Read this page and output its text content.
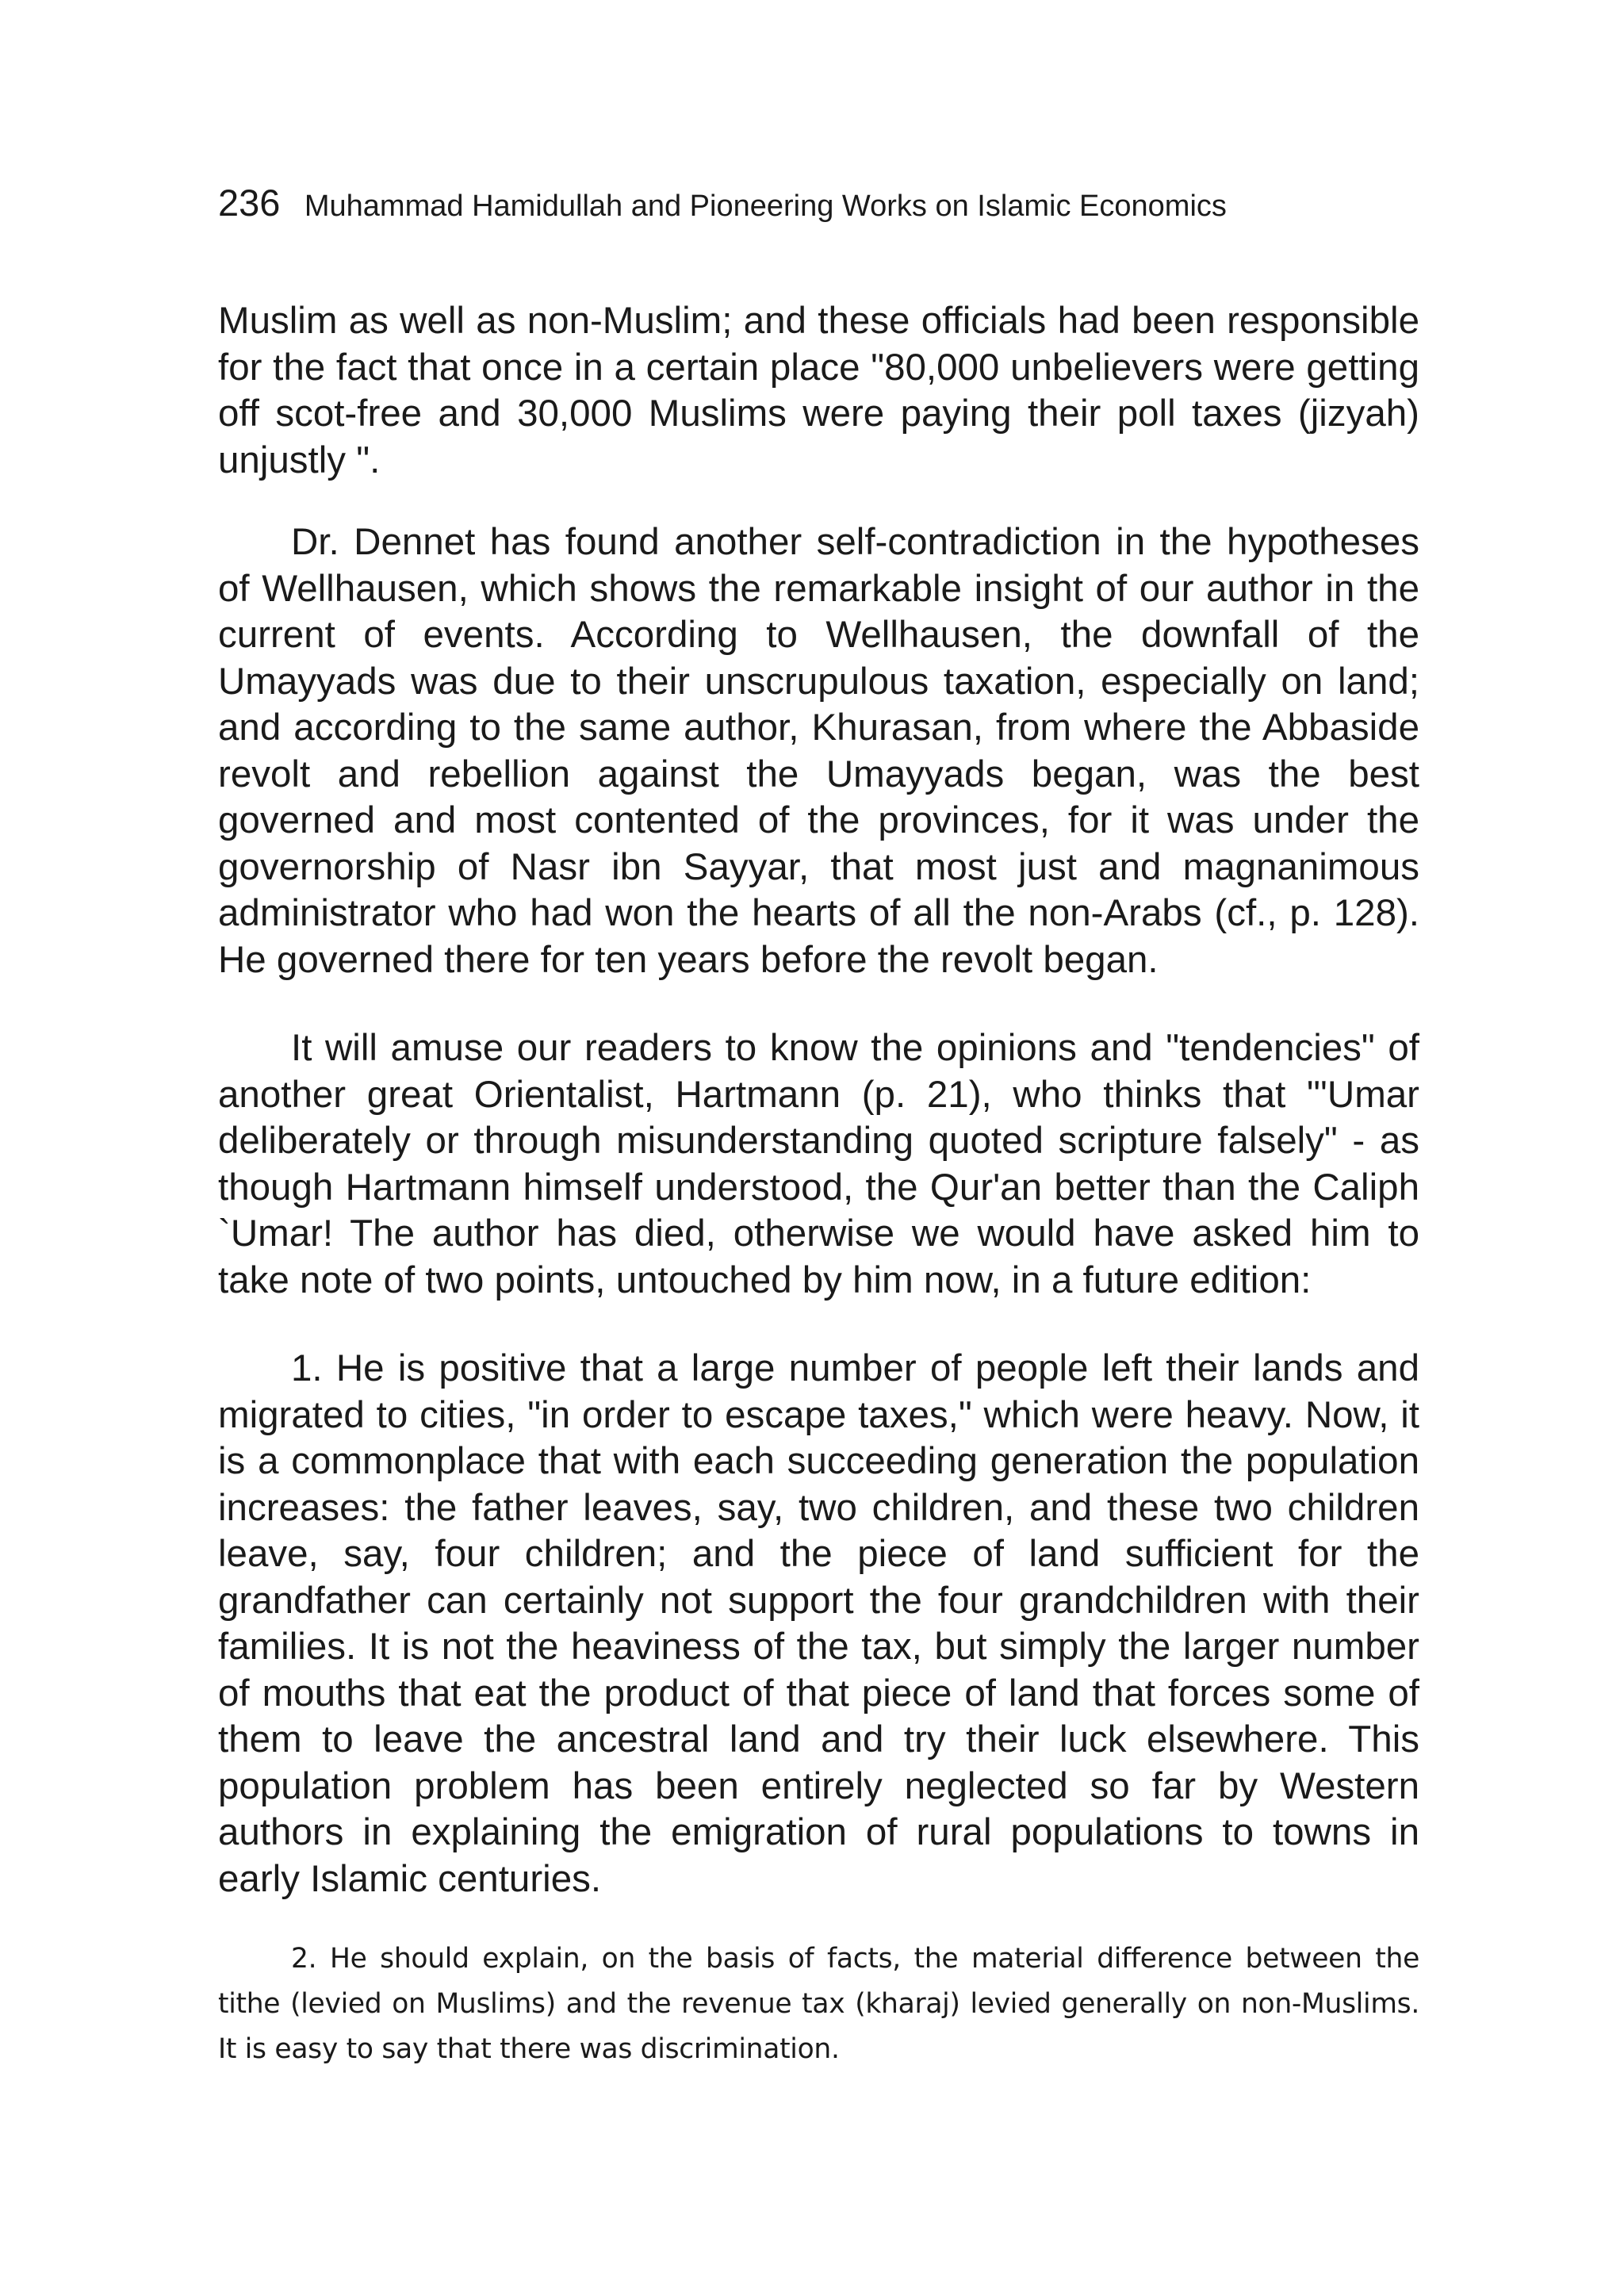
236 Muhammad Hamidullah and Pioneering Works on Islamic Economics

Muslim as well as non-Muslim; and these officials had been responsible for the fact that once in a certain place "80,000 unbelievers were getting off scot-free and 30,000 Muslims were paying their poll taxes (jizyah) unjustly ".

Dr. Dennet has found another self-contradiction in the hypotheses of Wellhausen, which shows the remarkable insight of our author in the current of events. According to Wellhausen, the downfall of the Umayyads was due to their unscrupulous taxation, especially on land; and according to the same author, Khurasan, from where the Abbaside revolt and rebellion against the Umayyads began, was the best governed and most contented of the provinces, for it was under the governorship of Nasr ibn Sayyar, that most just and magnanimous administrator who had won the hearts of all the non-Arabs (cf., p. 128). He governed there for ten years before the revolt began.

It will amuse our readers to know the opinions and "tendencies" of another great Orientalist, Hartmann (p. 21), who thinks that "'Umar deliberately or through misunderstanding quoted scripture falsely" - as though Hartmann himself understood, the Qur'an better than the Caliph `Umar! The author has died, otherwise we would have asked him to take note of two points, untouched by him now, in a future edition:

1. He is positive that a large number of people left their lands and migrated to cities, "in order to escape taxes," which were heavy. Now, it is a commonplace that with each succeeding generation the population increases: the father leaves, say, two children, and these two children leave, say, four children; and the piece of land sufficient for the grandfather can certainly not support the four grandchildren with their families. It is not the heaviness of the tax, but simply the larger number of mouths that eat the product of that piece of land that forces some of them to leave the ancestral land and try their luck elsewhere. This population problem has been entirely neglected so far by Western authors in explaining the emigration of rural populations to towns in early Islamic centuries.

2. He should explain, on the basis of facts, the material difference between the tithe (levied on Muslims) and the revenue tax (kharaj) levied generally on non-Muslims. It is easy to say that there was discrimination.
